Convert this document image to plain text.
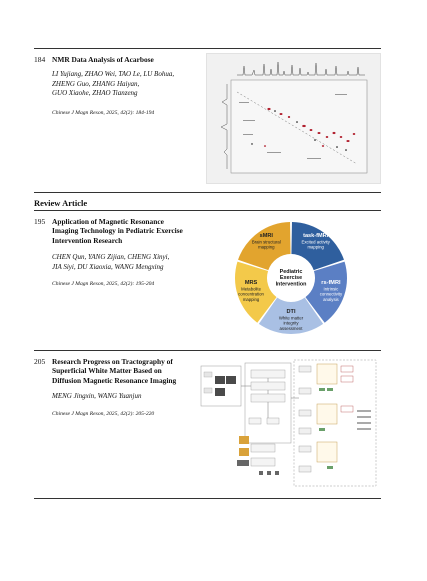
184 NMR Data Analysis of Acarbose
LI Yujiang, ZHAO Wei, TAO Le, LU Bohua,
ZHENG Guo, ZHANG Haiyan,
GUO Xiaohe, ZHAO Tianzeng
Chinese J Magn Reson, 2025, 42(2): 184-194
Review Article
195 Application of Magnetic Resonance
Imaging Technology in Pediatric Exercise
Intervention Research
CHEN Qun, YANG Zijian, CHENG Xinyi,
JIA Siyi, DU Xiaoxia, WANG Mengxing
Chinese J Magn Reson, 2025, 42(2): 195-204
task-fMRI
Excited activity
mapping
rs-fMRI
Intrinsic
connectivity
analysis
DTI
White matter
integrity
assessment
MRS
Metabolite
concentration
mapping
sMRI
Brain structural
mapping
Pediatric
Exercise
Intervention
205 Research Progress on Tractography of
Superficial White Matter Based on
Diffusion Magnetic Resonance Imaging
MENG Jingxin, WANG Yuanjun
Chinese J Magn Reson, 2025, 42(2): 205-220
